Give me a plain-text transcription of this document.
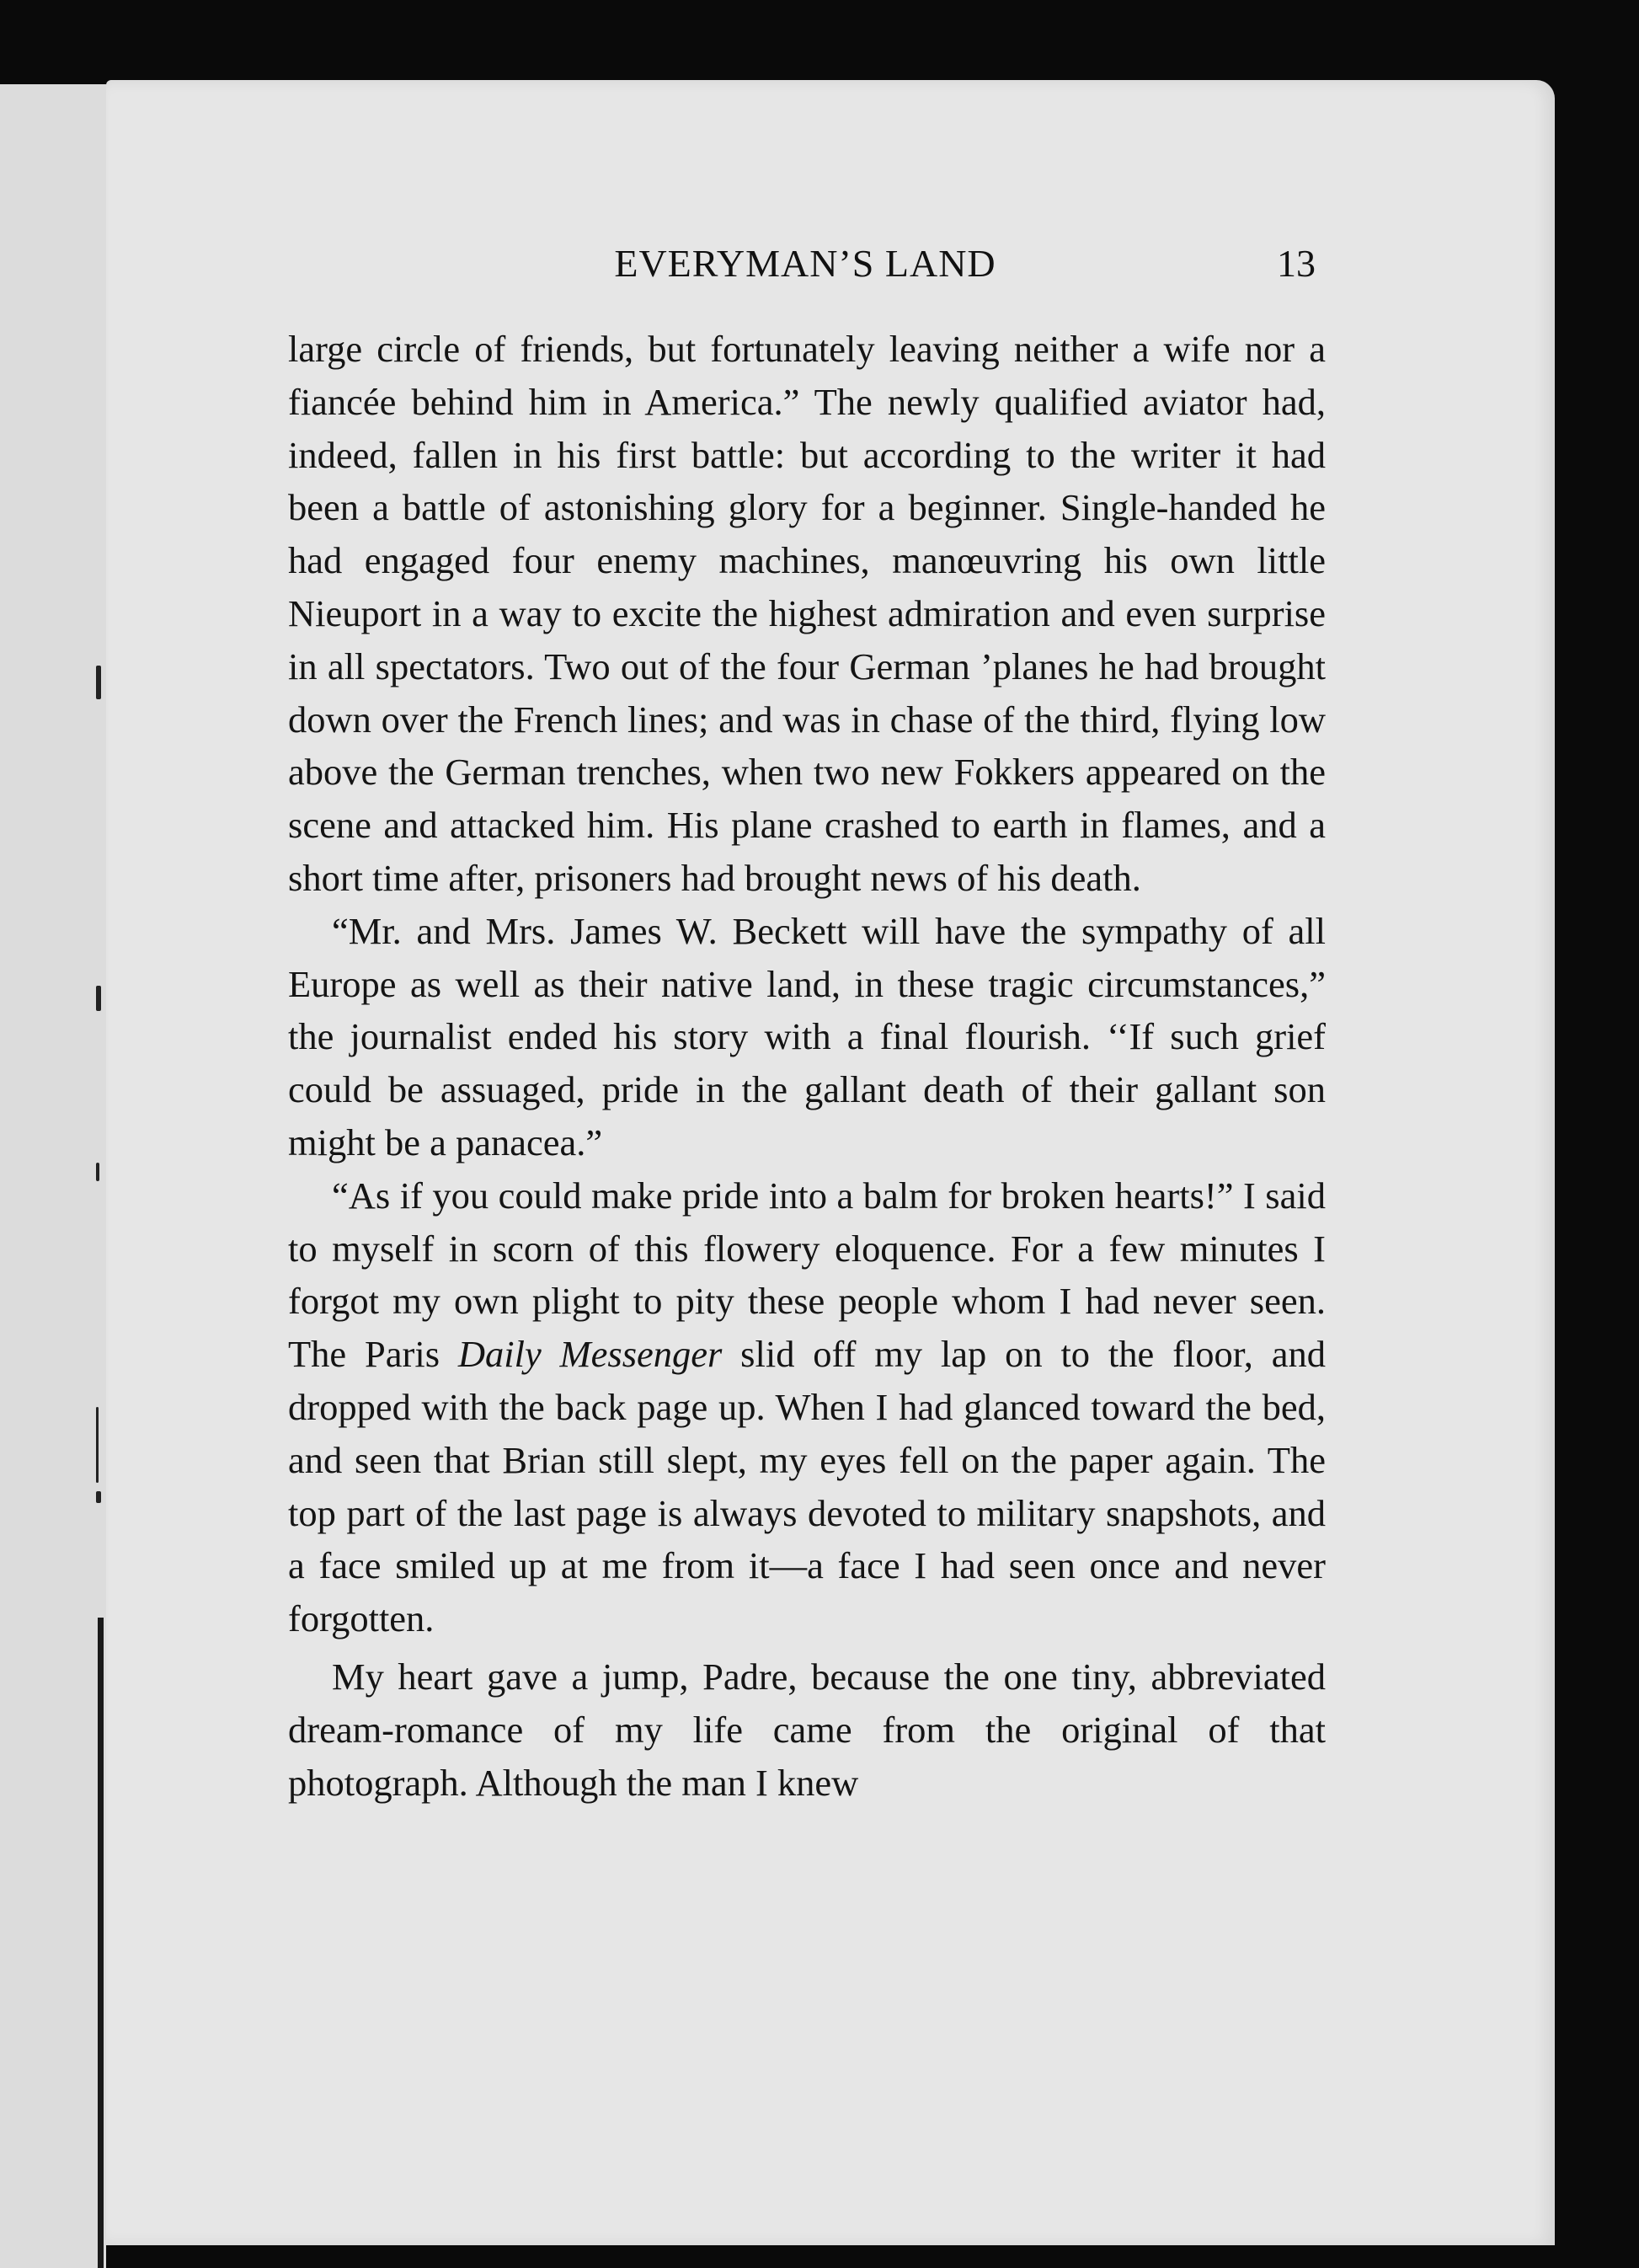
EVERYMAN’S LAND	13

large circle of friends, but fortunately leaving neither a wife nor a fiancée behind him in America.” The newly qualified aviator had, indeed, fallen in his first battle: but according to the writer it had been a battle of astonishing glory for a beginner. Single-handed he had engaged four enemy machines, manœuvring his own little Nieuport in a way to excite the highest admiration and even surprise in all spectators. Two out of the four German ’planes he had brought down over the French lines; and was in chase of the third, flying low above the German trenches, when two new Fokkers appeared on the scene and attacked him. His plane crashed to earth in flames, and a short time after, prisoners had brought news of his death.

“Mr. and Mrs. James W. Beckett will have the sympathy of all Europe as well as their native land, in these tragic circumstances,” the journalist ended his story with a final flourish. ‘‘If such grief could be assuaged, pride in the gallant death of their gallant son might be a panacea.”

“As if you could make pride into a balm for broken hearts!” I said to myself in scorn of this flowery eloquence. For a few minutes I forgot my own plight to pity these people whom I had never seen. The Paris Daily Messenger slid off my lap on to the floor, and dropped with the back page up. When I had glanced toward the bed, and seen that Brian still slept, my eyes fell on the paper again. The top part of the last page is always devoted to military snapshots, and a face smiled up at me from it—a face I had seen once and never forgotten.

My heart gave a jump, Padre, because the one tiny, abbreviated dream-romance of my life came from the original of that photograph. Although the man I knew
